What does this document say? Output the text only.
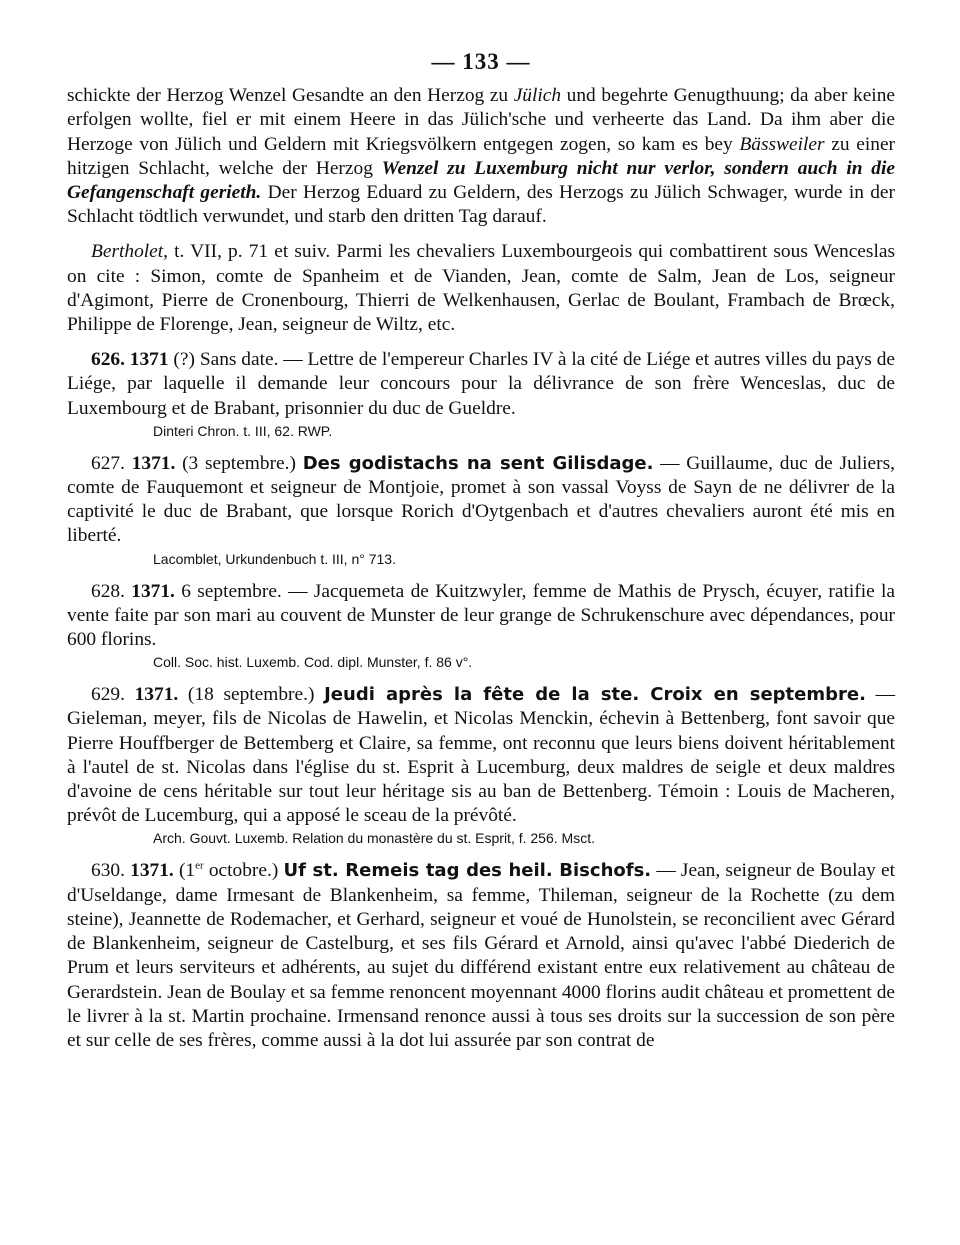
— 133 —

schickte der Herzog Wenzel Gesandte an den Herzog zu Jülich und begehrte Genugthuung; da aber keine erfolgen wollte, fiel er mit einem Heere in das Jülich'sche und verheerte das Land. Da ihm aber die Herzoge von Jülich und Geldern mit Kriegsvölkern entgegen zogen, so kam es bey Bässweiler zu einer hitzigen Schlacht, welche der Herzog Wenzel zu Luxemburg nicht nur verlor, sondern auch in die Gefangenschaft gerieth. Der Herzog Eduard zu Geldern, des Herzogs zu Jülich Schwager, wurde in der Schlacht tödtlich verwundet, und starb den dritten Tag darauf.

Bertholet, t. VII, p. 71 et suiv. Parmi les chevaliers Luxembourgeois qui combattirent sous Wenceslas on cite : Simon, comte de Spanheim et de Vianden, Jean, comte de Salm, Jean de Los, seigneur d'Agimont, Pierre de Cronenbourg, Thierri de Welkenhausen, Gerlac de Boulant, Frambach de Brœck, Philippe de Florenge, Jean, seigneur de Wiltz, etc.

626. 1371 (?) Sans date. — Lettre de l'empereur Charles IV à la cité de Liége et autres villes du pays de Liége, par laquelle il demande leur concours pour la délivrance de son frère Wenceslas, duc de Luxembourg et de Brabant, prisonnier du duc de Gueldre.

Dinteri Chron. t. III, 62. RWP.

627. 1371. (3 septembre.) Des godistachs na sent Gilisdage. — Guillaume, duc de Juliers, comte de Fauquemont et seigneur de Montjoie, promet à son vassal Voyss de Sayn de ne délivrer de la captivité le duc de Brabant, que lorsque Rorich d'Oytgenbach et d'autres chevaliers auront été mis en liberté.

Lacomblet, Urkundenbuch t. III, n° 713.

628. 1371. 6 septembre. — Jacquemeta de Kuitzwyler, femme de Mathis de Prysch, écuyer, ratifie la vente faite par son mari au couvent de Munster de leur grange de Schrukenschure avec dépendances, pour 600 florins.

Coll. Soc. hist. Luxemb. Cod. dipl. Munster, f. 86 v°.

629. 1371. (18 septembre.) Jeudi après la fête de la ste. Croix en septembre. — Gieleman, meyer, fils de Nicolas de Hawelin, et Nicolas Menckin, échevin à Bettenberg, font savoir que Pierre Houffberger de Bettemberg et Claire, sa femme, ont reconnu que leurs biens doivent héritablement à l'autel de st. Nicolas dans l'église du st. Esprit à Lucemburg, deux maldres de seigle et deux maldres d'avoine de cens héritable sur tout leur héritage sis au ban de Bettenberg. Témoin : Louis de Macheren, prévôt de Lucemburg, qui a apposé le sceau de la prévôté.

Arch. Gouvt. Luxemb. Relation du monastère du st. Esprit, f. 256. Msct.

630. 1371. (1er octobre.) Uf st. Remeis tag des heil. Bischofs. — Jean, seigneur de Boulay et d'Useldange, dame Irmesant de Blankenheim, sa femme, Thileman, seigneur de la Rochette (zu dem steine), Jeannette de Rodemacher, et Gerhard, seigneur et voué de Hunolstein, se reconcilient avec Gérard de Blankenheim, seigneur de Castelburg, et ses fils Gérard et Arnold, ainsi qu'avec l'abbé Diederich de Prum et leurs serviteurs et adhérents, au sujet du différend existant entre eux relativement au château de Gerardstein. Jean de Boulay et sa femme renoncent moyennant 4000 florins audit château et promettent de le livrer à la st. Martin prochaine. Irmensand renonce aussi à tous ses droits sur la succession de son père et sur celle de ses frères, comme aussi à la dot lui assurée par son contrat de
